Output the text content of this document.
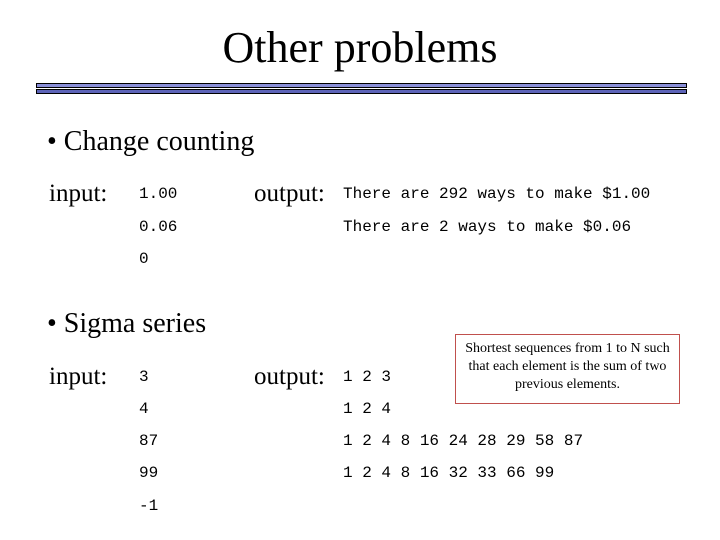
Other problems
• Change counting
input:	output:
1.00
0.06
0
There are 292 ways to make $1.00
There are 2 ways to make $0.06
• Sigma series
input:	output:
3
4
87
99
-1
1 2 3
1 2 4
1 2 4 8 16 24 28 29 58 87
1 2 4 8 16 32 33 66 99
Shortest sequences from 1 to N such that each element is the sum of two previous elements.
